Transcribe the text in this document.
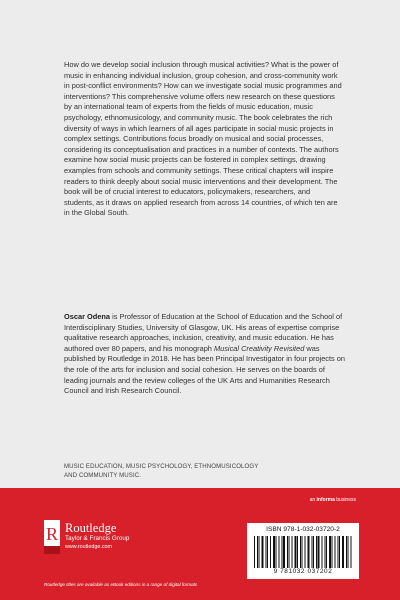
How do we develop social inclusion through musical activities? What is the power of music in enhancing individual inclusion, group cohesion, and cross-community work in post-conflict environments? How can we investigate social music programmes and interventions? This comprehensive volume offers new research on these questions by an international team of experts from the fields of music education, music psychology, ethnomusicology, and community music. The book celebrates the rich diversity of ways in which learners of all ages participate in social music projects in complex settings. Contributions focus broadly on musical and social processes, considering its conceptualisation and practices in a number of contexts. The authors examine how social music projects can be fostered in complex settings, drawing examples from schools and community settings. These critical chapters will inspire readers to think deeply about social music interventions and their development. The book will be of crucial interest to educators, policymakers, researchers, and students, as it draws on applied research from across 14 countries, of which ten are in the Global South.

Oscar Odena is Professor of Education at the School of Education and the School of Interdisciplinary Studies, University of Glasgow, UK. His areas of expertise comprise qualitative research approaches, inclusion, creativity, and music education. He has authored over 80 papers, and his monograph Musical Creativity Revisited was published by Routledge in 2018. He has been Principal Investigator in four projects on the role of the arts for inclusion and social cohesion. He serves on the boards of leading journals and the review colleges of the UK Arts and Humanities Research Council and Irish Research Council.

MUSIC EDUCATION, MUSIC PSYCHOLOGY, ETHNOMUSICOLOGY AND COMMUNITY MUSIC.
an informa business
R Routledge
Taylor & Francis Group
www.routledge.com
ISBN 978-1-032-03720-2
9 781032 037202
Routledge titles are available as eBook editions in a range of digital formats
